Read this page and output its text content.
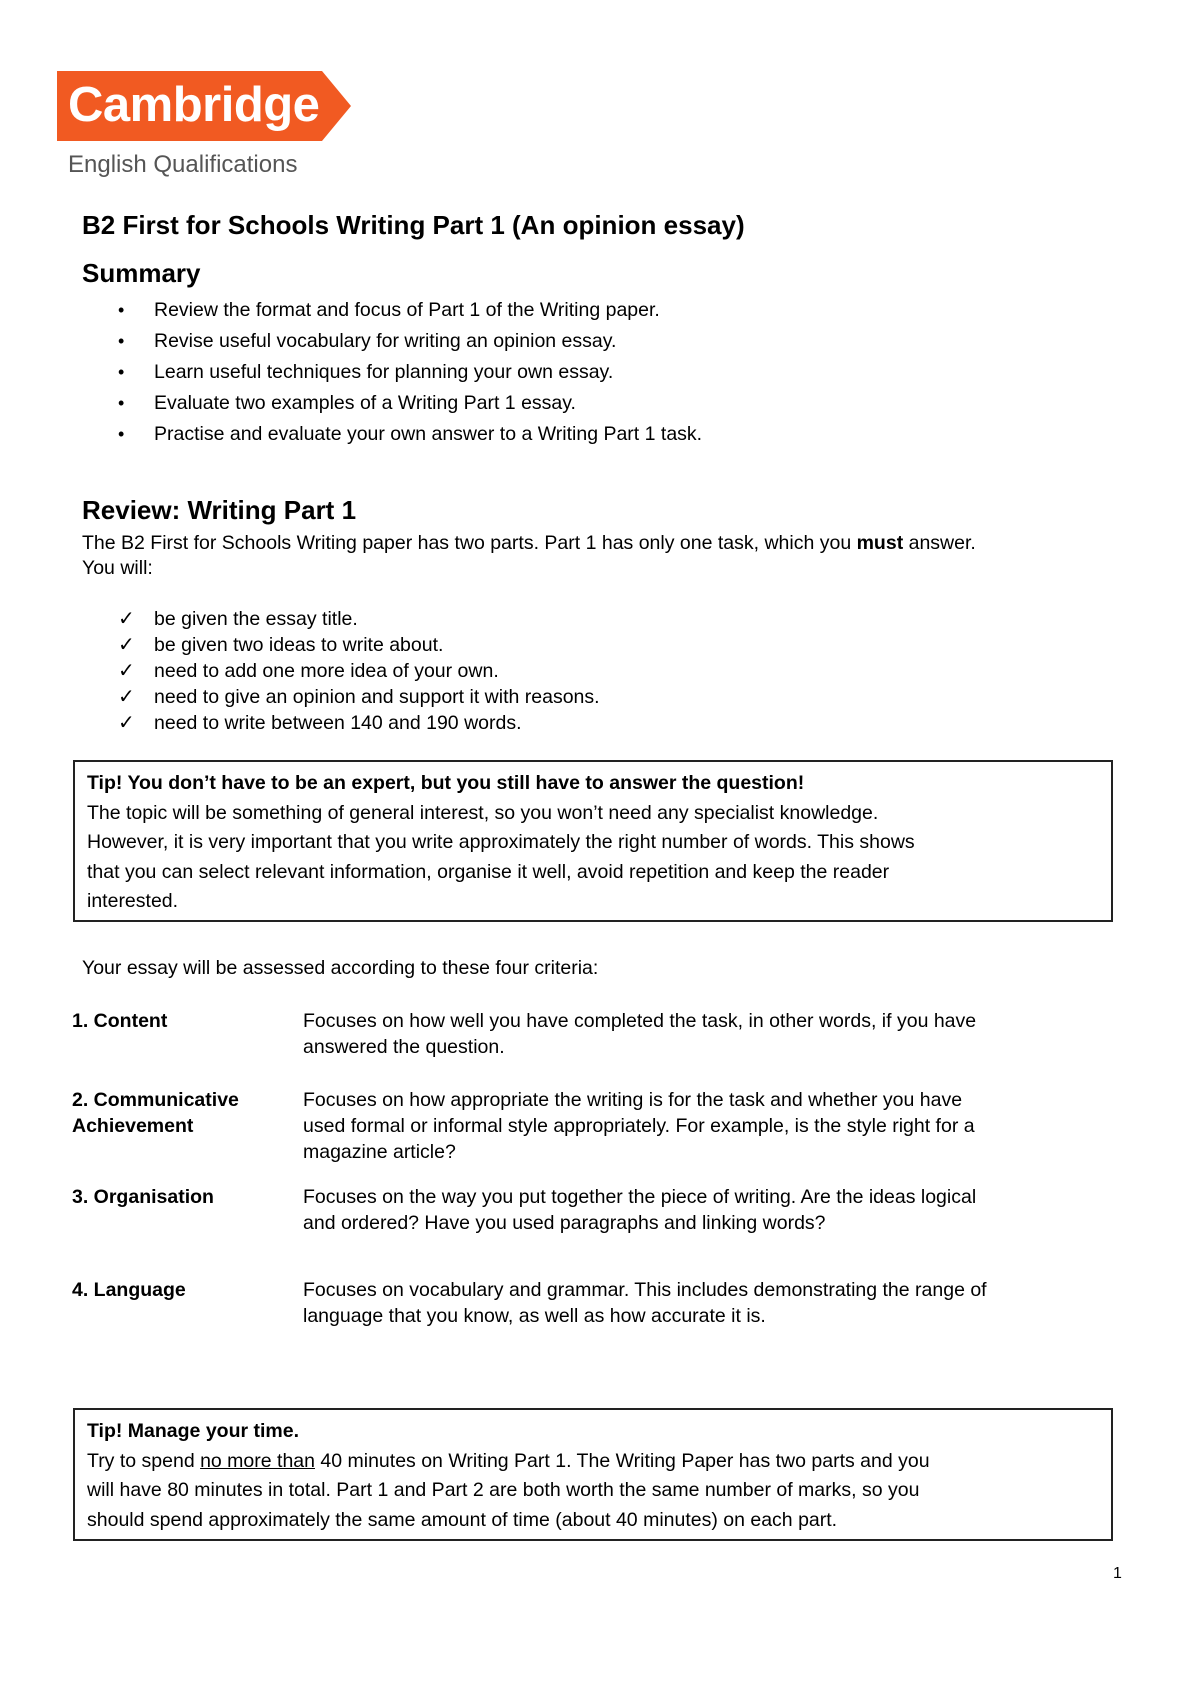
Cambridge
English Qualifications
B2 First for Schools Writing Part 1 (An opinion essay)
Summary
• Review the format and focus of Part 1 of the Writing paper.
• Revise useful vocabulary for writing an opinion essay.
• Learn useful techniques for planning your own essay.
• Evaluate two examples of a Writing Part 1 essay.
• Practise and evaluate your own answer to a Writing Part 1 task.
Review: Writing Part 1
The B2 First for Schools Writing paper has two parts. Part 1 has only one task, which you must answer.
You will:
✓ be given the essay title.
✓ be given two ideas to write about.
✓ need to add one more idea of your own.
✓ need to give an opinion and support it with reasons.
✓ need to write between 140 and 190 words.
Tip! You don’t have to be an expert, but you still have to answer the question!
The topic will be something of general interest, so you won’t need any specialist knowledge.
However, it is very important that you write approximately the right number of words. This shows
that you can select relevant information, organise it well, avoid repetition and keep the reader
interested.
Your essay will be assessed according to these four criteria:
1. Content	Focuses on how well you have completed the task, in other words, if you have
answered the question.
2. Communicative
Achievement
Focuses on how appropriate the writing is for the task and whether you have
used formal or informal style appropriately. For example, is the style right for a
magazine article?
3. Organisation	Focuses on the way you put together the piece of writing. Are the ideas logical
and ordered? Have you used paragraphs and linking words?
4. Language	Focuses on vocabulary and grammar. This includes demonstrating the range of
language that you know, as well as how accurate it is.
Tip! Manage your time.
Try to spend no more than 40 minutes on Writing Part 1. The Writing Paper has two parts and you
will have 80 minutes in total. Part 1 and Part 2 are both worth the same number of marks, so you
should spend approximately the same amount of time (about 40 minutes) on each part.
1
